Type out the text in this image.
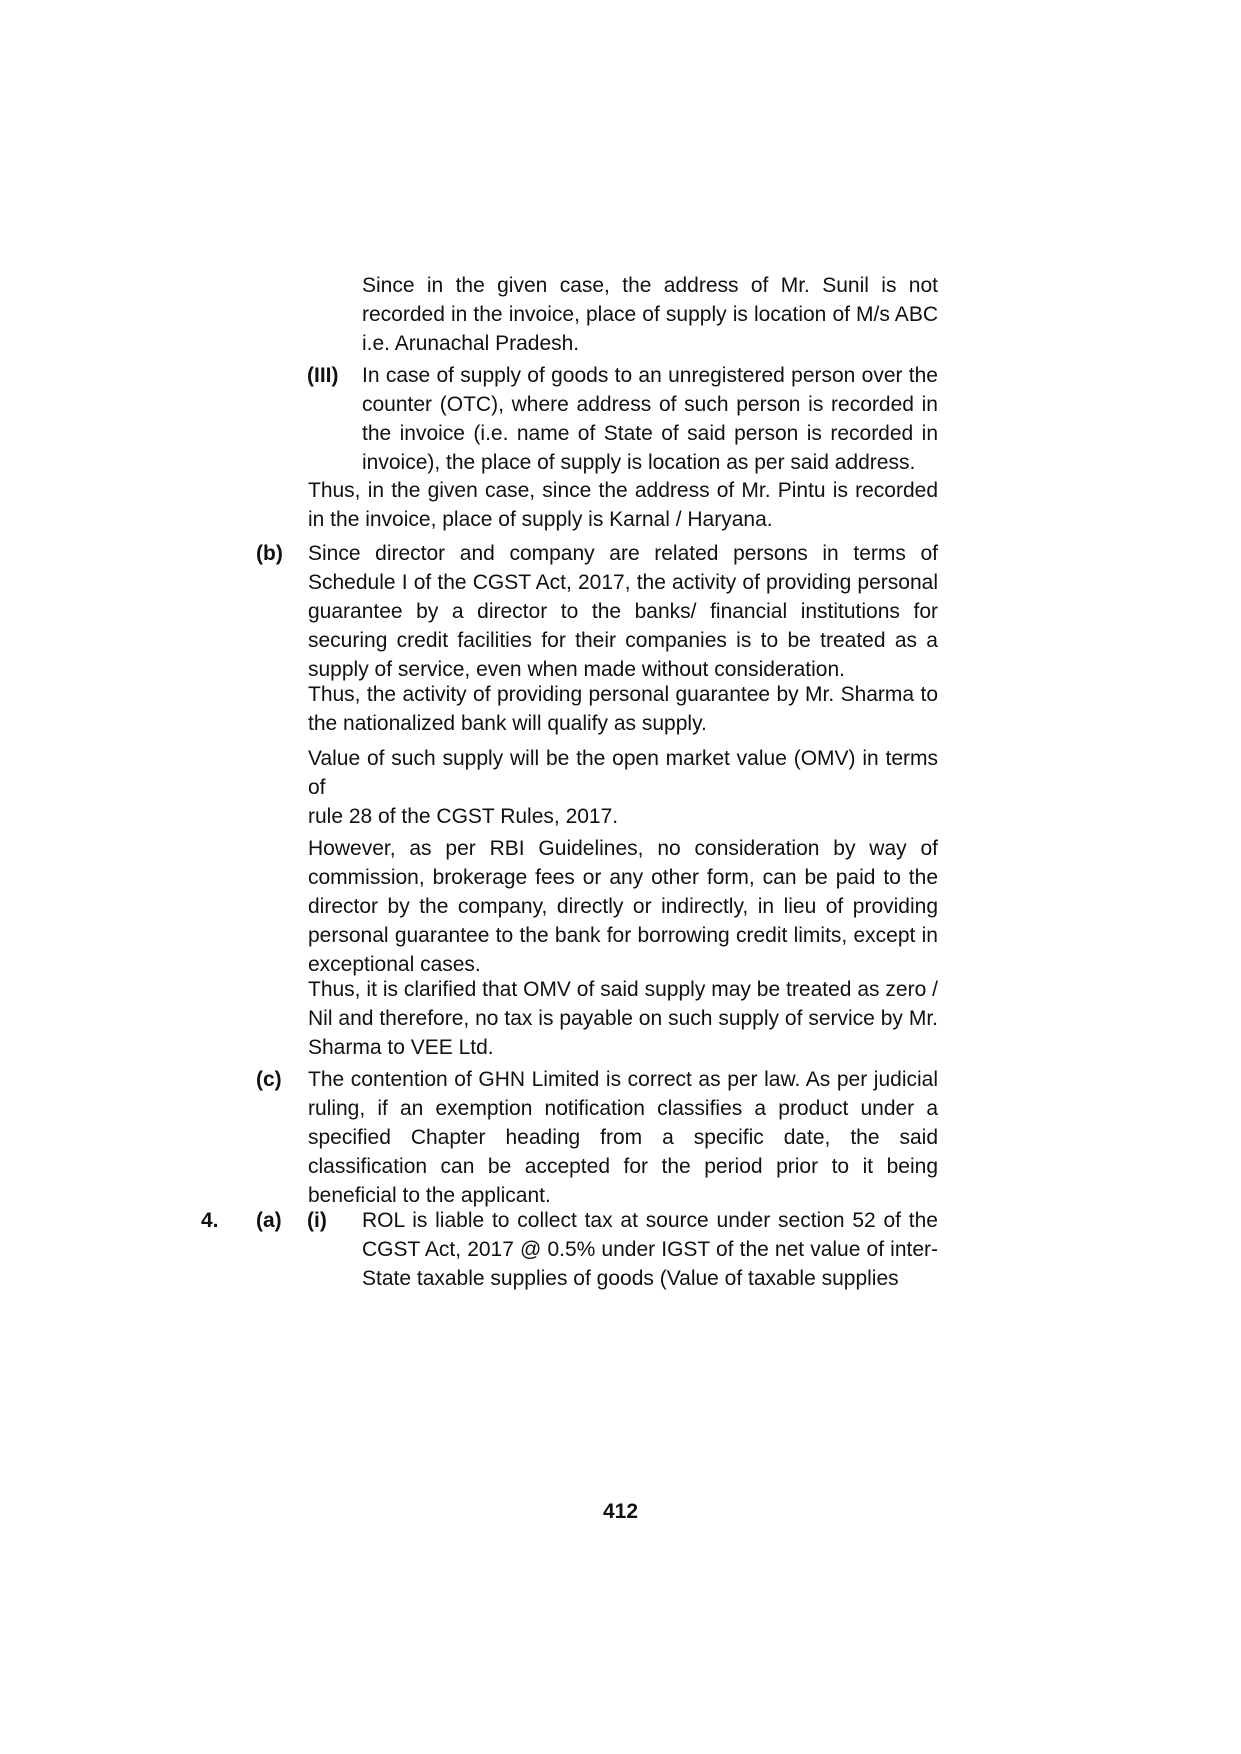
Since in the given case, the address of Mr. Sunil is not recorded in the invoice, place of supply is location of M/s ABC i.e. Arunachal Pradesh.

(III) In case of supply of goods to an unregistered person over the counter (OTC), where address of such person is recorded in the invoice (i.e. name of State of said person is recorded in invoice), the place of supply is location as per said address.

Thus, in the given case, since the address of Mr. Pintu is recorded in the invoice, place of supply is Karnal / Haryana.

(b) Since director and company are related persons in terms of Schedule I of the CGST Act, 2017, the activity of providing personal guarantee by a director to the banks/ financial institutions for securing credit facilities for their companies is to be treated as a supply of service, even when made without consideration.

Thus, the activity of providing personal guarantee by Mr. Sharma to the nationalized bank will qualify as supply.

Value of such supply will be the open market value (OMV) in terms
of
rule 28 of the CGST Rules, 2017.

However, as per RBI Guidelines, no consideration by way of commission, brokerage fees or any other form, can be paid to the director by the company, directly or indirectly, in lieu of providing personal guarantee to the bank for borrowing credit limits, except in exceptional cases.

Thus, it is clarified that OMV of said supply may be treated as zero / Nil and therefore, no tax is payable on such supply of service by Mr. Sharma to VEE Ltd.

(c) The contention of GHN Limited is correct as per law. As per judicial ruling, if an exemption notification classifies a product under a specified Chapter heading from a specific date, the said classification can be accepted for the period prior to it being beneficial to the applicant.

4. (a) (i) ROL is liable to collect tax at source under section 52 of the CGST Act, 2017 @ 0.5% under IGST of the net value of inter-State taxable supplies of goods (Value of taxable supplies

412
